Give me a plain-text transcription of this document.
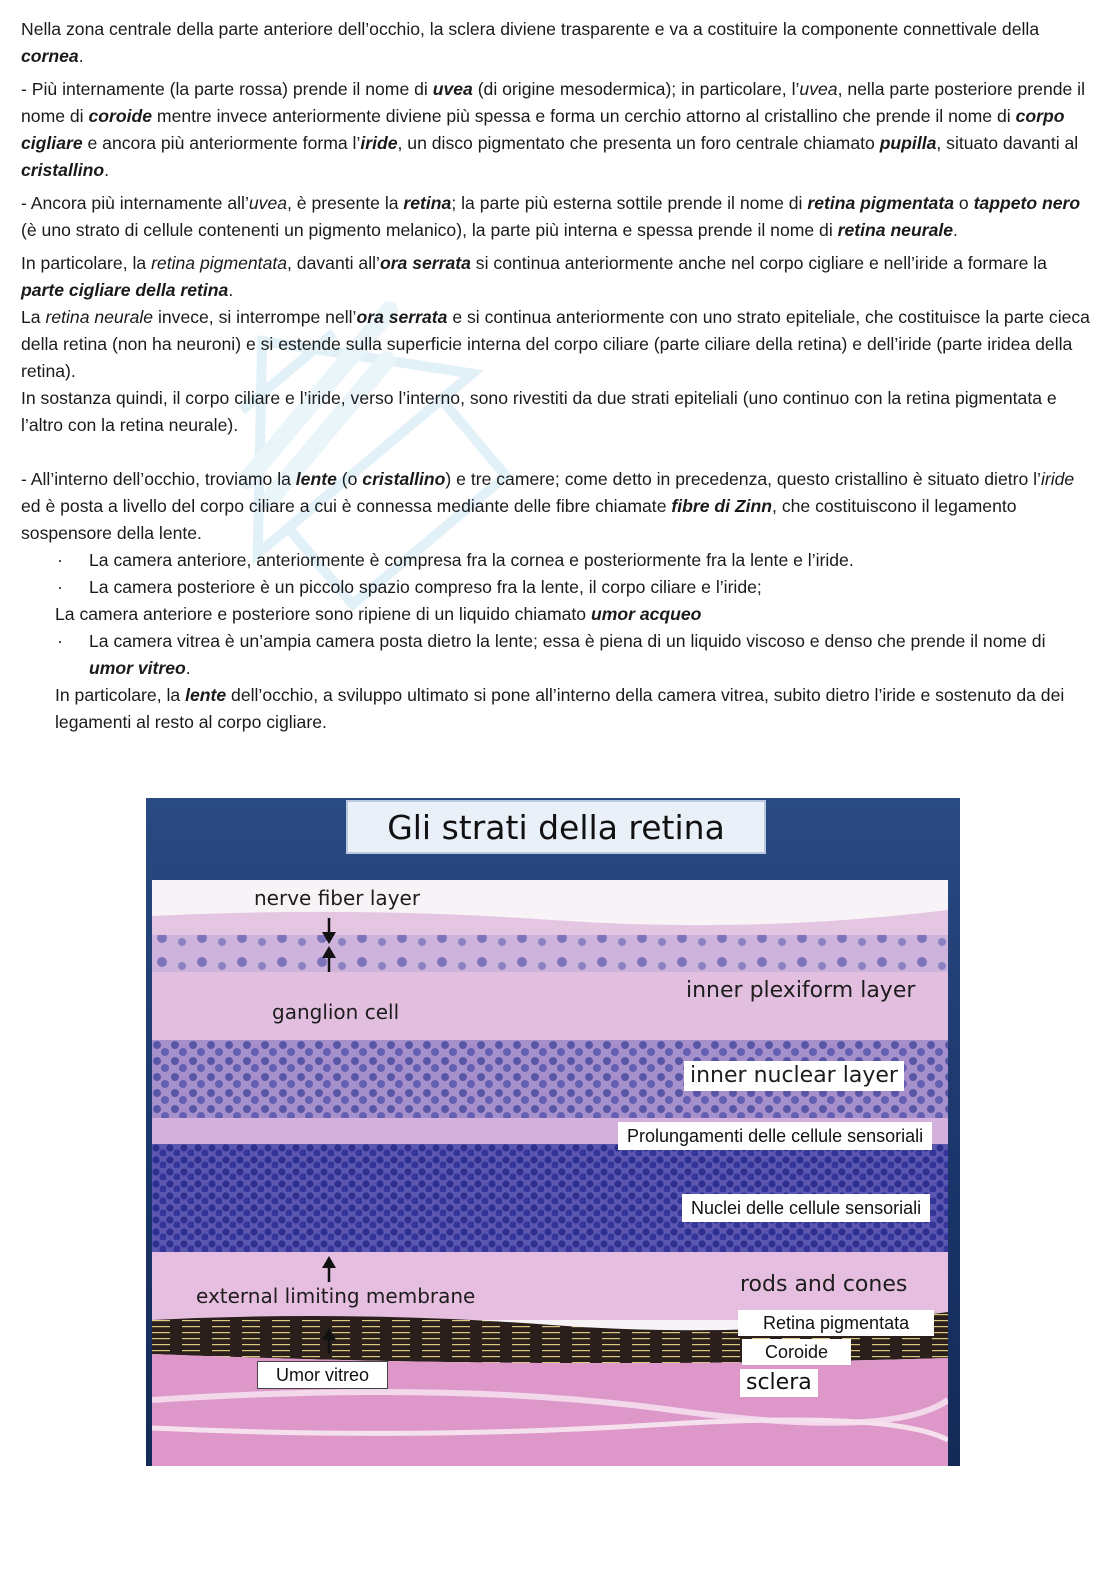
Nella zona centrale della parte anteriore dell’occhio, la sclera diviene trasparente e va a costituire la componente connettivale della cornea.

- Più internamente (la parte rossa) prende il nome di uvea (di origine mesodermica); in particolare, l’uvea, nella parte posteriore prende il nome di coroide mentre invece anteriormente diviene più spessa e forma un cerchio attorno al cristallino che prende il nome di corpo cigliare e ancora più anteriormente forma l’iride, un disco pigmentato che presenta un foro centrale chiamato pupilla, situato davanti al cristallino.

- Ancora più internamente all’uvea, è presente la retina; la parte più esterna sottile prende il nome di retina pigmentata o tappeto nero (è uno strato di cellule contenenti un pigmento melanico), la parte più interna e spessa prende il nome di retina neurale.

In particolare, la retina pigmentata, davanti all’ora serrata si continua anteriormente anche nel corpo cigliare e nell’iride a formare la parte cigliare della retina.

La retina neurale invece, si interrompe nell’ora serrata e si continua anteriormente con uno strato epiteliale, che costituisce la parte cieca della retina (non ha neuroni) e si estende sulla superficie interna del corpo ciliare (parte ciliare della retina) e dell’iride (parte iridea della retina).

In sostanza quindi, il corpo ciliare e l’iride, verso l’interno, sono rivestiti da due strati epiteliali (uno continuo con la retina pigmentata e l’altro con la retina neurale).

- All’interno dell’occhio, troviamo la lente (o cristallino) e tre camere; come detto in precedenza, questo cristallino è situato dietro l’iride ed è posta a livello del corpo ciliare a cui è connessa mediante delle fibre chiamate fibre di Zinn, che costituiscono il legamento sospensore della lente.

· La camera anteriore, anteriormente è compresa fra la cornea e posteriormente fra la lente e l’iride.

· La camera posteriore è un piccolo spazio compreso fra la lente, il corpo ciliare e l’iride;

La camera anteriore e posteriore sono ripiene di un liquido chiamato umor acqueo

· La camera vitrea è un’ampia camera posta dietro la lente; essa è piena di un liquido viscoso e denso che prende il nome di umor vitreo.

In particolare, la lente dell’occhio, a sviluppo ultimato si pone all’interno della camera vitrea, subito dietro l’iride e sostenuto da dei legamenti al resto al corpo cigliare.

Gli strati della retina
nerve fiber layer
ganglion cell
inner plexiform layer
inner nuclear layer
Prolungamenti delle cellule sensoriali
Nuclei delle cellule sensoriali
rods and cones
external limiting membrane
Retina pigmentata
Coroide
sclera
Umor vitreo
